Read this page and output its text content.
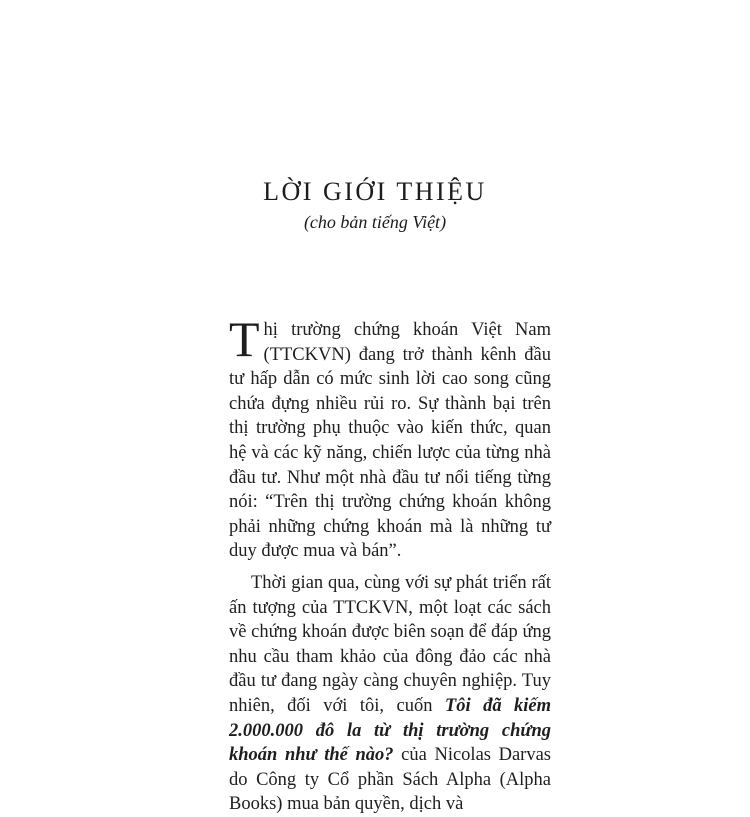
LỜI GIỚI THIỆU
(cho bản tiếng Việt)

Thị trường chứng khoán Việt Nam (TTCKVN) đang trở thành kênh đầu tư hấp dẫn có mức sinh lời cao song cũng chứa đựng nhiều rủi ro. Sự thành bại trên thị trường phụ thuộc vào kiến thức, quan hệ và các kỹ năng, chiến lược của từng nhà đầu tư. Như một nhà đầu tư nổi tiếng từng nói: “Trên thị trường chứng khoán không phải những chứng khoán mà là những tư duy được mua và bán”.

Thời gian qua, cùng với sự phát triển rất ấn tượng của TTCKVN, một loạt các sách về chứng khoán được biên soạn để đáp ứng nhu cầu tham khảo của đông đảo các nhà đầu tư đang ngày càng chuyên nghiệp. Tuy nhiên, đối với tôi, cuốn Tôi đã kiếm 2.000.000 đô la từ thị trường chứng khoán như thế nào? của Nicolas Darvas do Công ty Cổ phần Sách Alpha (Alpha Books) mua bản quyền, dịch và
